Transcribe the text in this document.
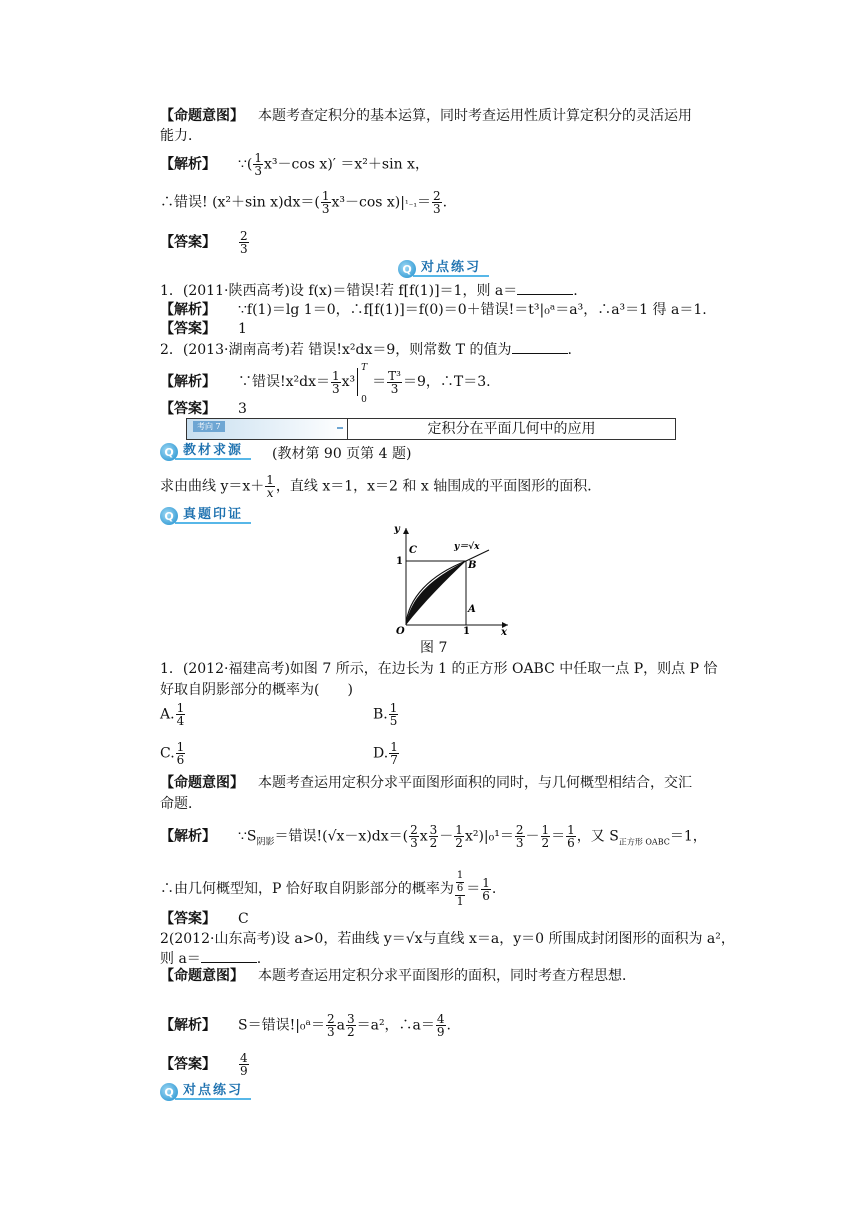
【命题意图】 本题考查定积分的基本运算，同时考查运用性质计算定积分的灵活运用
能力．
【解析】 ∵( $\frac{1}{3} x^3-\cos$ x)′ ＝x²＋sin x，
∴错误! (x²＋sin $x)dx=( \frac{1}{3} x^3-\cos$ $x)|^1_{-1}= \frac{2}{3}$ .
【答案】 $\frac{2}{3}$
Q 对点练习
1．(2011·陕西高考)设 f(x)＝错误!若 f[f(1)]＝1，则 a＝	.
【解析】 ∵f(1)＝lg 1＝0，∴f[f(1)]＝f(0)＝0＋错误!＝t³|₀ᵃ＝a³，∴a³＝1 得 a＝1.
【答案】 1
2．(2013·湖南高考)若 错误!x²dx＝9，则常数 T 的值为	.
【解析】 ∵错误$!x^2dx= \frac{1}{3} x^3$
T
0
＝ $\frac{\text{T³}}{3} =9$，∴T＝3.
【答案】 3
考向 7	定积分在平面几何中的应用
Q 教材求源	(教材第 90 页第 4 题)
求由曲线 $y=x+ \frac{1}{x}$ ，直线 x＝1，x＝2 和 x 轴围成的平面图形的面积．
Q 真题印证
y
x
1
C
B
A
O	1
y＝√x
图 7
1．(2012·福建高考)如图 7 所示，在边长为 1 的正方形 OABC 中任取一点 P，则点 P 恰
好取自阴影部分的概率为(　　)
A. $\frac{1}{4}$	B. $\frac{1}{5}$
C. $\frac{1}{6}$	D. $\frac{1}{7}$
【命题意图】 本题考查运用定积分求平面图形面积的同时，与几何概型相结合，交汇
命题．
【解析】 $\because S_{阴影}=$错误$!(√x-x)dx=( \frac{2}{3}$ x $\frac{3}{2} - \frac{1}{2} x^2)|_0^1= \frac{2}{3} - \frac{1}{2} = \frac{1}{6}$ ，又 $S_{正方形 OABC}=1$，
∴由几何概型知，P 恰好取自阴影部分的概率为 $\frac{\frac{1}{6}}{1} = \frac{1}{6}$ .
【答案】 C
2(2012·山东高考)设 a>0，若曲线 y＝√x与直线 x＝a，y＝0 所围成封闭图形的面积为 a²，
则 a＝	.
【命题意图】 本题考查运用定积分求平面图形的面积，同时考查方程思想．
【解析】 S＝错误!|₀ᵃ＝ $\frac{2}{3}$ a $\frac{3}{2} =a^2$，∴a＝ $\frac{4}{9}$ .
【答案】 $\frac{4}{9}$
Q 对点练习
